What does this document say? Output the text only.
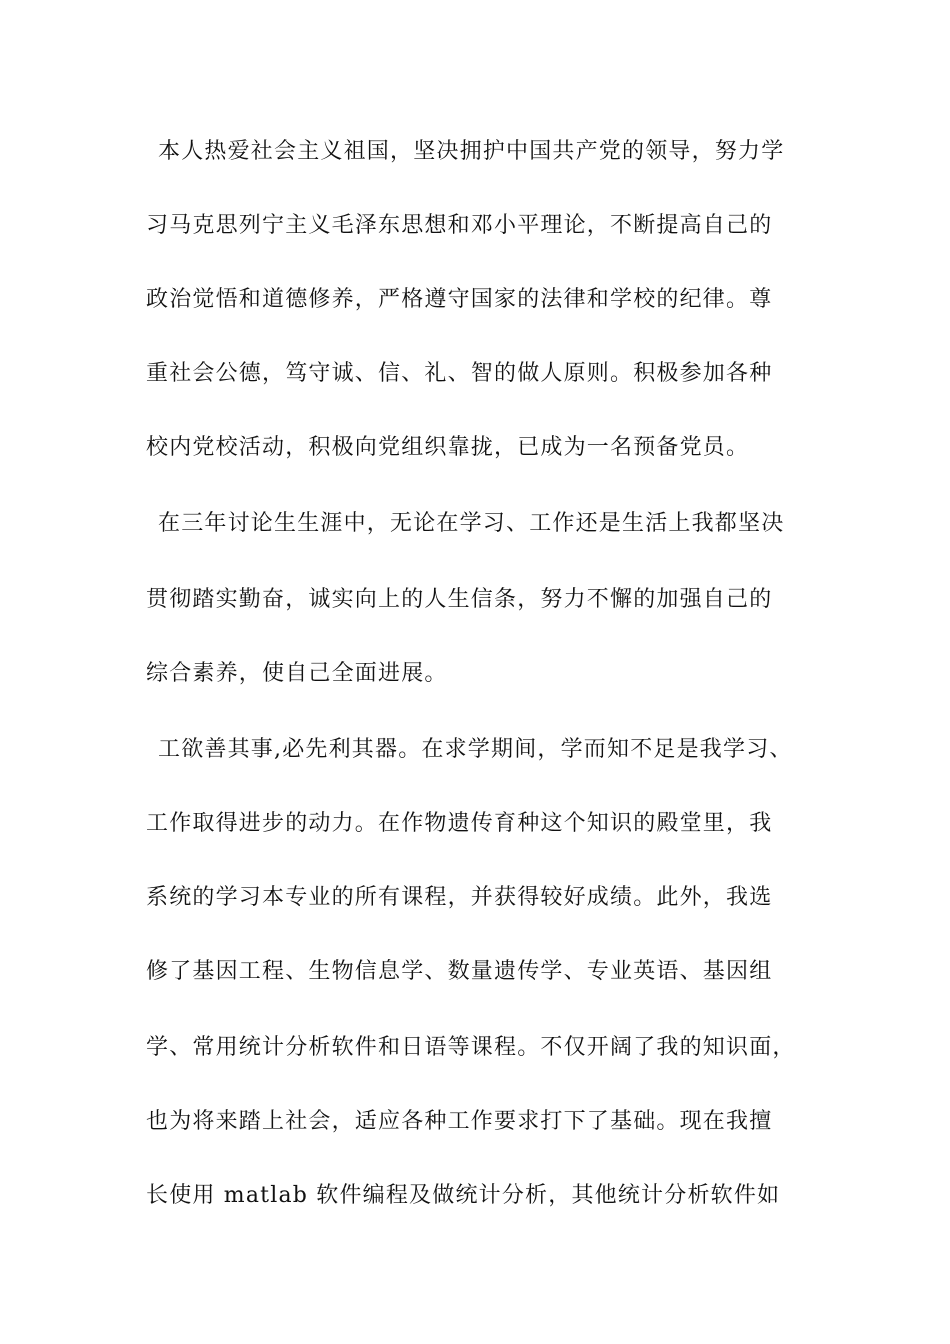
本人热爱社会主义祖国，坚决拥护中国共产党的领导，努力学
习马克思列宁主义毛泽东思想和邓小平理论，不断提高自己的
政治觉悟和道德修养，严格遵守国家的法律和学校的纪律。尊
重社会公德，笃守诚、信、礼、智的做人原则。积极参加各种
校内党校活动，积极向党组织靠拢，已成为一名预备党员。
在三年讨论生生涯中，无论在学习、工作还是生活上我都坚决
贯彻踏实勤奋，诚实向上的人生信条，努力不懈的加强自己的
综合素养，使自己全面进展。
工欲善其事,必先利其器。在求学期间，学而知不足是我学习、
工作取得进步的动力。在作物遗传育种这个知识的殿堂里，我
系统的学习本专业的所有课程，并获得较好成绩。此外，我选
修了基因工程、生物信息学、数量遗传学、专业英语、基因组
学、常用统计分析软件和日语等课程。不仅开阔了我的知识面，
也为将来踏上社会，适应各种工作要求打下了基础。现在我擅
长使用 matlab 软件编程及做统计分析，其他统计分析软件如
